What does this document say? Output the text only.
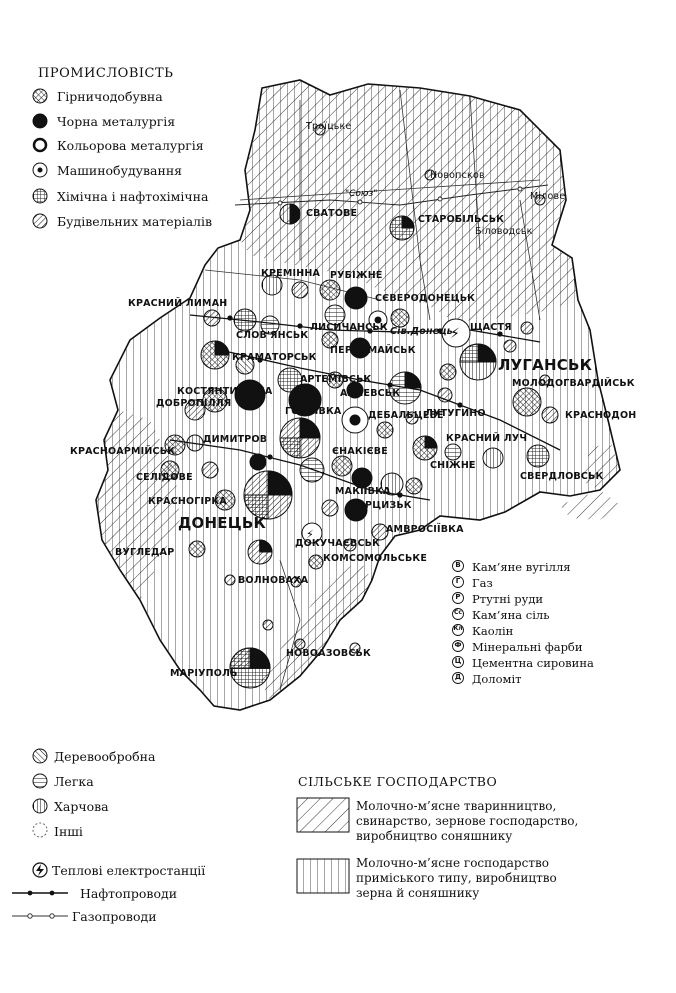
"Союз"
⚡
⚡
Троїцьке
Новопсков
Мілове
СВАТОВЕ
СТАРОБІЛЬСЬК
Біловодськ
КРЕМІННА РУБІЖНЕ
КРАСНИЙ ЛИМАН	СЄВЕРОДОНЕЦЬК
СЛОВ'ЯНСЬК
ЛИСИЧАНСЬК Сів.Донець ЩАСТЯ
КРАМАТОРСЬК
ПЕРВОМАЙСЬК
ЛУГАНСЬК
МОЛОДОГВАРДІЙСЬК
АРТЕМІВСЬК
КОСТЯНТИНІВКА	АЛЧЕВСЬК
КРАСНОДОН
ГОРЛІВКА	ЛУТУГИНО
ДОБРОПІЛЛЯ
ДЕБАЛЬЦЕВЕ
ДИМИТРОВ	КРАСНИЙ ЛУЧ
КРАСНОАРМІЙСЬК
СНІЖНЕ
ЄНАКІЄВЕ
СЕЛІДОВЕ	СВЕРДЛОВСЬК
МАКІЇВКА
КРАСНОГІРКА	ХАРЦИЗЬК
ДОНЕЦЬК	АМВРОСІЇВКА
ВУГЛЕДАР
ДОКУЧАЄВСЬК
КОМСОМОЛЬСЬКЕ
ВОЛНОВАХА
НОВОАЗОВСЬК
МАРІУПОЛЬ
ПРОМИСЛОВІСТЬ
Гірничодобувна
Чорна металургія
Кольорова металургія
Машинобудування
Хімічна і нафтохімічна
Будівельних матеріалів
Кам’яне вугілля
Газ
Ртутні руди
Кам’яна сіль
Каолін
Мінеральні фарби
Цементна сировина
Доломіт
В
Г
Р
Сс
Кл
Ф
Ц
Д
Деревообробна
Легка
Харчова
Інші
Теплові електростанції
Нафтопроводи
Газопроводи
СІЛЬСЬКЕ ГОСПОДАРСТВО
Молочно-м’ясне тваринництво,
свинарство, зернове господарство,
виробництво соняшнику
Молочно-м’ясне господарство
приміського типу, виробництво
зерна й соняшнику
